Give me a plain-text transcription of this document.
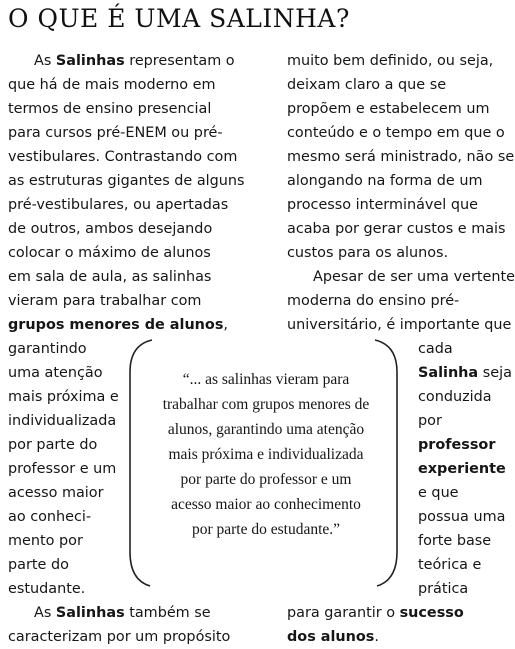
O QUE É UMA SALINHA?
As Salinhas representam o
que há de mais moderno em
termos de ensino presencial
para cursos pré-ENEM ou pré-
vestibulares. Contrastando com
as estruturas gigantes de alguns
pré-vestibulares, ou apertadas
de outros, ambos desejando
colocar o máximo de alunos
em sala de aula, as salinhas
vieram para trabalhar com
grupos menores de alunos,
garantindo
uma atenção
mais próxima e
individualizada
por parte do
professor e um
acesso maior
ao conheci-
mento por
parte do
estudante.
As Salinhas também se
caracterizam por um propósito
muito bem definido, ou seja,
deixam claro a que se
propõem e estabelecem um
conteúdo e o tempo em que o
mesmo será ministrado, não se
alongando na forma de um
processo interminável que
acaba por gerar custos e mais
custos para os alunos.
Apesar de ser uma vertente
moderna do ensino pré-
universitário, é importante que
cada
Salinha seja
conduzida
por
professor
experiente
e que
possua uma
forte base
teórica e
prática
para garantir o sucesso
dos alunos.
“... as salinhas vieram para
trabalhar com grupos menores de
alunos, garantindo uma atenção
mais próxima e individualizada
por parte do professor e um
acesso maior ao conhecimento
por parte do estudante.”
